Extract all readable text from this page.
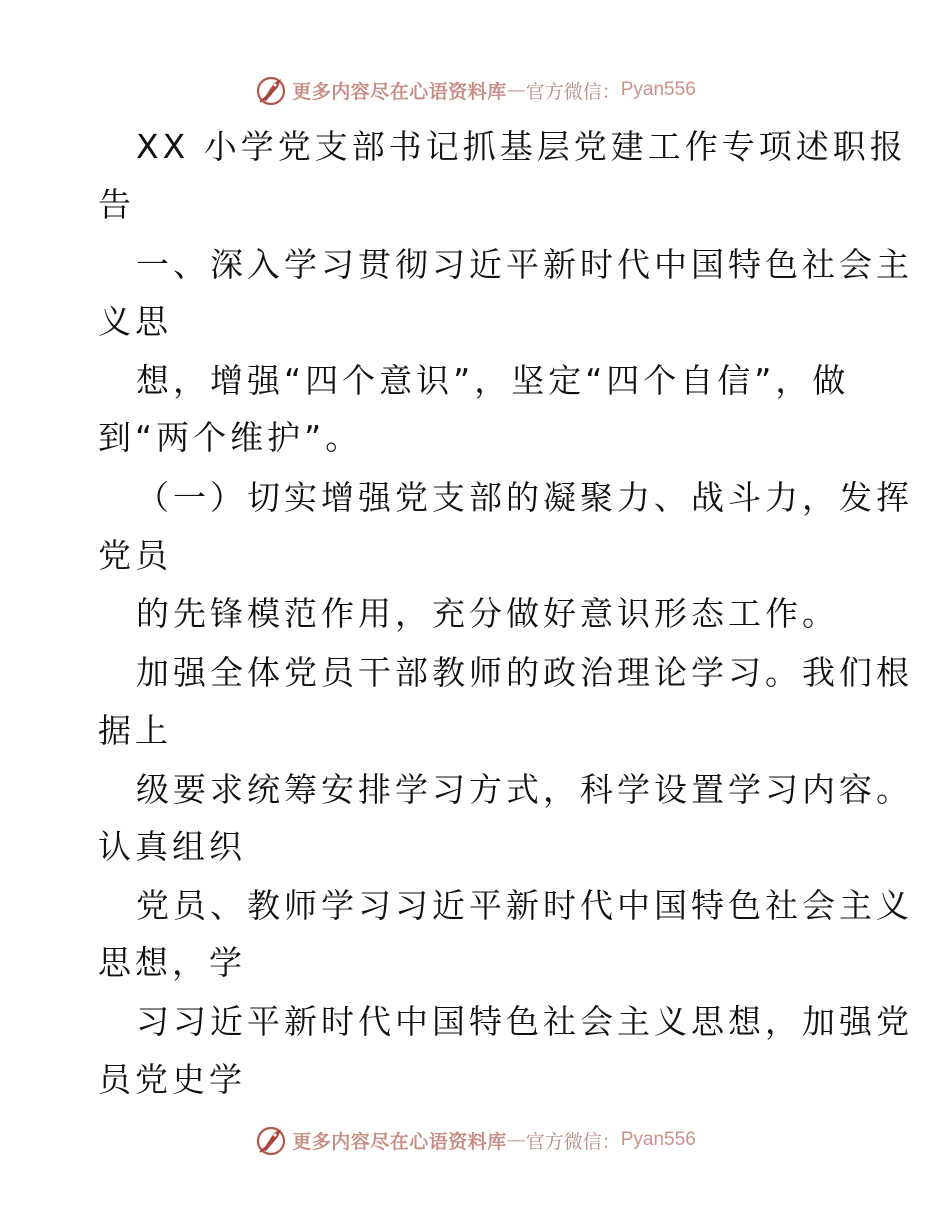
更多内容尽在心语资料库 — 官方微信： Pyan556
XX 小学党支部书记抓基层党建工作专项述职报
告
一、深入学习贯彻习近平新时代中国特色社会主
义思
想，增强“四个意识”，坚定“四个自信”，做
到“两个维护”。
（一）切实增强党支部的凝聚力、战斗力，发挥
党员
的先锋模范作用，充分做好意识形态工作。
加强全体党员干部教师的政治理论学习。我们根
据上
级要求统筹安排学习方式，科学设置学习内容。
认真组织
党员、教师学习习近平新时代中国特色社会主义
思想，学
习习近平新时代中国特色社会主义思想，加强党
员党史学
更多内容尽在心语资料库 — 官方微信： Pyan556
